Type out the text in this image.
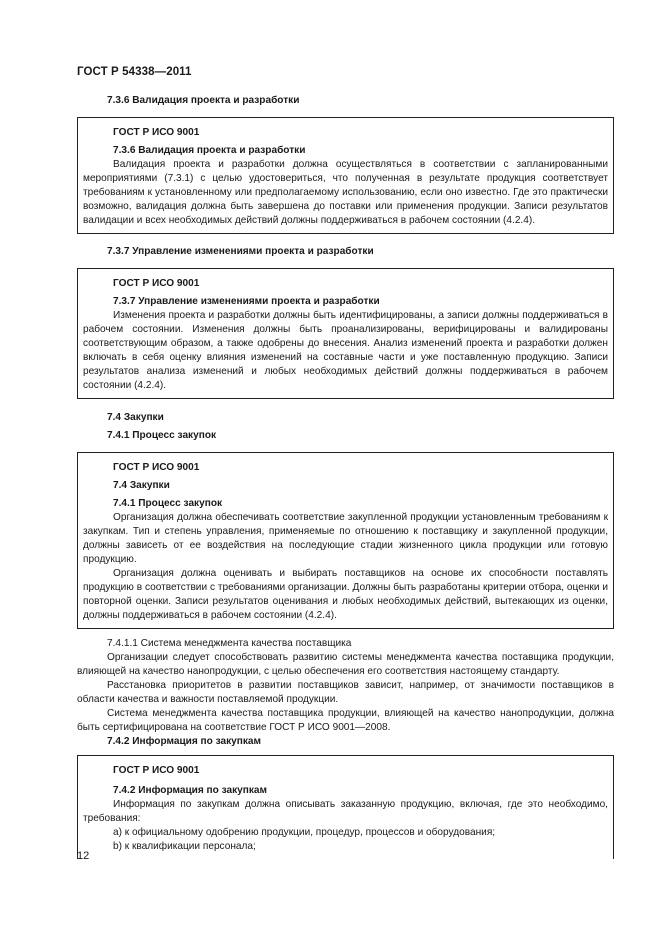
ГОСТ Р 54338—2011

7.3.6 Валидация проекта и разработки

ГОСТ Р ИСО 9001

7.3.6 Валидация проекта и разработки

Валидация проекта и разработки должна осуществляться в соответствии с запланированными мероприятиями (7.3.1) с целью удостовериться, что полученная в результате продукция соответствует требованиям к установленному или предполагаемому использованию, если оно известно. Где это практически возможно, валидация должна быть завершена до поставки или применения продукции. Записи результатов валидации и всех необходимых действий должны поддерживаться в рабочем состоянии (4.2.4).

7.3.7 Управление изменениями проекта и разработки

ГОСТ Р ИСО 9001

7.3.7 Управление изменениями проекта и разработки

Изменения проекта и разработки должны быть идентифицированы, а записи должны поддерживаться в рабочем состоянии. Изменения должны быть проанализированы, верифицированы и валидированы соответствующим образом, а также одобрены до внесения. Анализ изменений проекта и разработки должен включать в себя оценку влияния изменений на составные части и уже поставленную продукцию. Записи результатов анализа изменений и любых необходимых действий должны поддерживаться в рабочем состоянии (4.2.4).

7.4 Закупки

7.4.1 Процесс закупок

ГОСТ Р ИСО 9001

7.4 Закупки

7.4.1 Процесс закупок

Организация должна обеспечивать соответствие закупленной продукции установленным требованиям к закупкам. Тип и степень управления, применяемые по отношению к поставщику и закупленной продукции, должны зависеть от ее воздействия на последующие стадии жизненного цикла продукции или готовую продукцию.

Организация должна оценивать и выбирать поставщиков на основе их способности поставлять продукцию в соответствии с требованиями организации. Должны быть разработаны критерии отбора, оценки и повторной оценки. Записи результатов оценивания и любых необходимых действий, вытекающих из оценки, должны поддерживаться в рабочем состоянии (4.2.4).

7.4.1.1 Система менеджмента качества поставщика

Организации следует способствовать развитию системы менеджмента качества поставщика продукции, влияющей на качество нанопродукции, с целью обеспечения его соответствия настоящему стандарту.

Расстановка приоритетов в развитии поставщиков зависит, например, от значимости поставщиков в области качества и важности поставляемой продукции.

Система менеджмента качества поставщика продукции, влияющей на качество нанопродукции, должна быть сертифицирована на соответствие ГОСТ Р ИСО 9001—2008.

7.4.2 Информация по закупкам

ГОСТ Р ИСО 9001

7.4.2 Информация по закупкам

Информация по закупкам должна описывать заказанную продукцию, включая, где это необходимо, требования:

а) к официальному одобрению продукции, процедур, процессов и оборудования;

b) к квалификации персонала;

12
